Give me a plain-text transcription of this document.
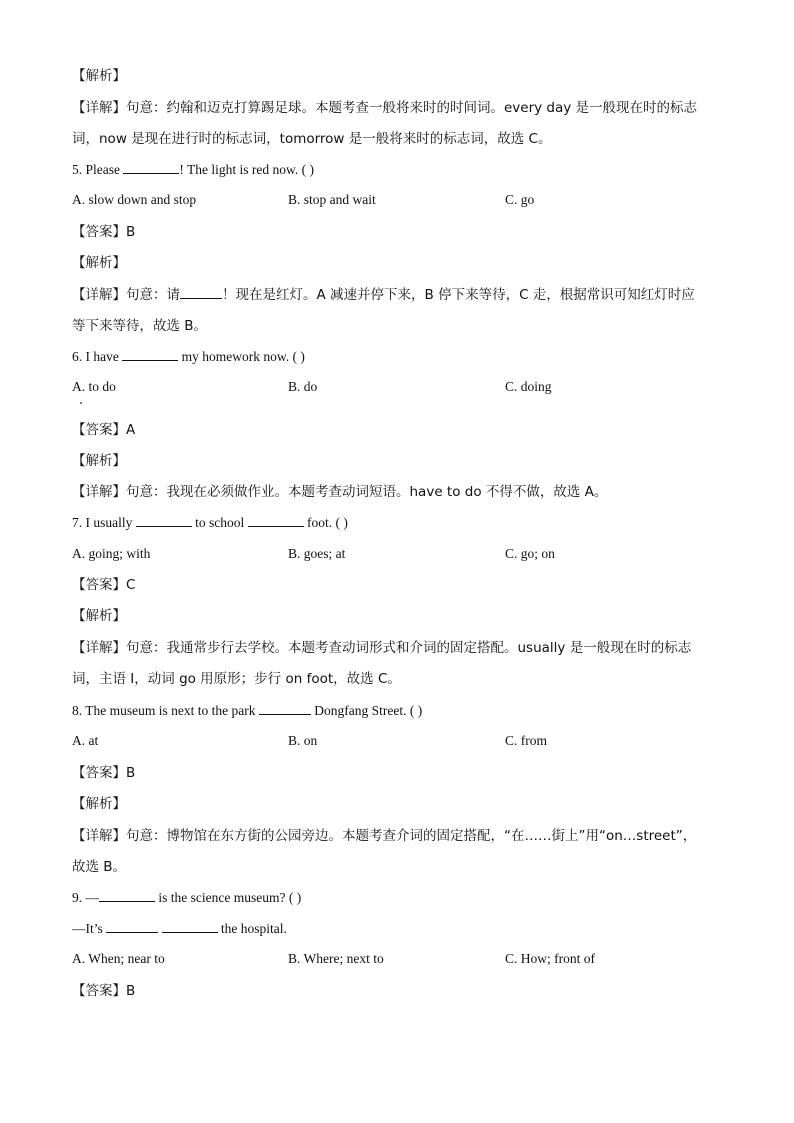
【解析】
【详解】句意：约翰和迈克打算踢足球。本题考查一般将来时的时间词。every day 是一般现在时的标志
词，now 是现在进行时的标志词，tomorrow 是一般将来时的标志词，故选 C。
5. Please	! The light is red now. ( )
A. slow down and stop	B. stop and wait	C. go
【答案】B
【解析】
【详解】句意：请	！现在是红灯。A 减速并停下来，B 停下来等待，C 走，根据常识可知红灯时应
等下来等待，故选 B。
6. I have	my homework now. ( )
A. to do	B. do	C. doing
【答案】A
【解析】
【详解】句意：我现在必须做作业。本题考查动词短语。have to do 不得不做，故选 A。
7. I usually	to school	foot. ( )
A. going; with	B. goes; at	C. go; on
【答案】C
【解析】
【详解】句意：我通常步行去学校。本题考查动词形式和介词的固定搭配。usually 是一般现在时的标志
词，主语 I，动词 go 用原形；步行 on foot，故选 C。
8. The museum is next to the park	Dongfang Street. ( )
A. at	B. on	C. from
【答案】B
【解析】
【详解】句意：博物馆在东方街的公园旁边。本题考查介词的固定搭配，“在……街上”用“on…street”，
故选 B。
9. —	is the science museum? ( )
—It’s	the hospital.
A. When; near to	B. Where; next to	C. How; front of
【答案】B
